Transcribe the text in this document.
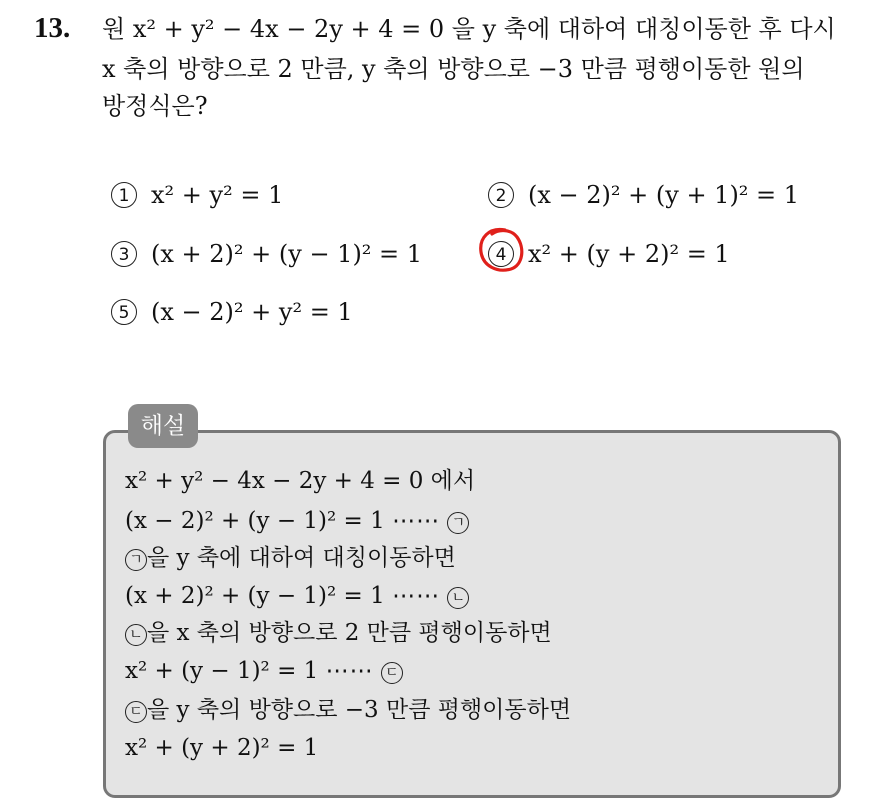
13. 원 x² + y² − 4x − 2y + 4 = 0 을 y 축에 대하여 대칭이동한 후 다시
x 축의 방향으로 2 만큼, y 축의 방향으로 −3 만큼 평행이동한 원의
방정식은?
1 x² + y² = 1	2 (x − 2)² + (y + 1)² = 1
3 (x + 2)² + (y − 1)² = 1	4 x² + (y + 2)² = 1
5 (x − 2)² + y² = 1
해설
x² + y² − 4x − 2y + 4 = 0 에서
(x − 2)² + (y − 1)² = 1 ⋯⋯ ㄱ
ㄱ 을 y 축에 대하여 대칭이동하면
(x + 2)² + (y − 1)² = 1 ⋯⋯ ㄴ
ㄴ 을 x 축의 방향으로 2 만큼 평행이동하면
x² + (y − 1)² = 1 ⋯⋯ ㄷ
ㄷ 을 y 축의 방향으로 −3 만큼 평행이동하면
x² + (y + 2)² = 1
